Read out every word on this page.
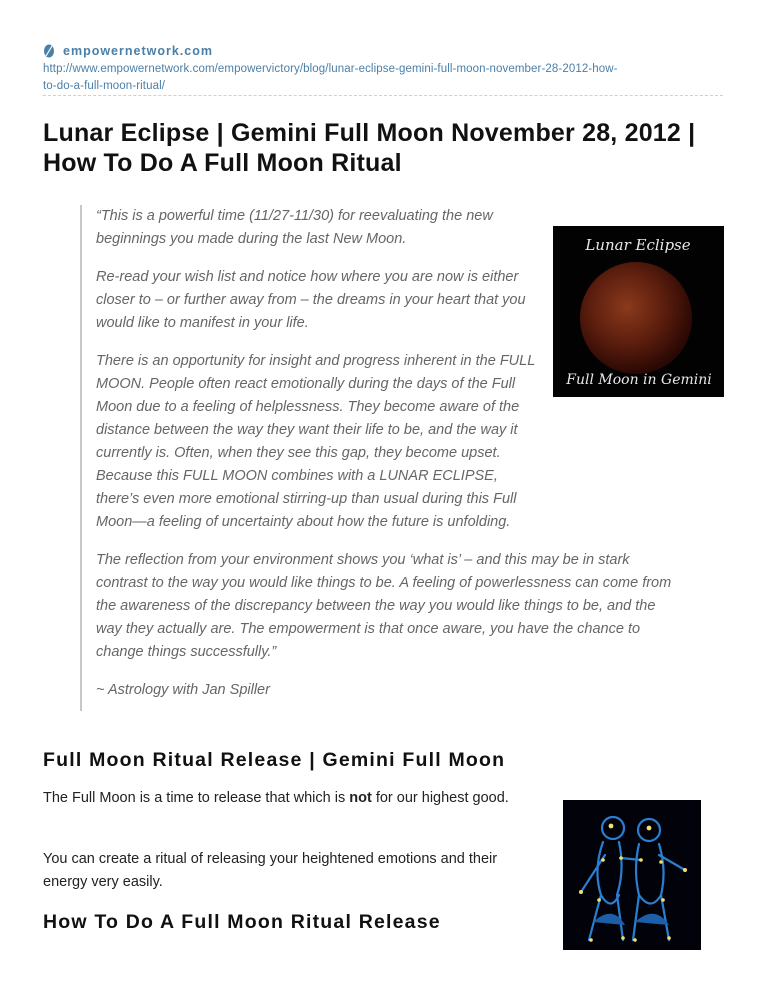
empowernetwork.com
http://www.empowernetwork.com/empowervictory/blog/lunar-eclipse-gemini-full-moon-november-28-2012-how-
to-do-a-full-moon-ritual/
Lunar Eclipse | Gemini Full Moon November 28, 2012 | How To Do A Full Moon Ritual
Lunar Eclipse
Full Moon in Gemini

“This is a powerful time (11/27-11/30) for reevaluating the new beginnings you made during the last New Moon.

Re-read your wish list and notice how where you are now is either closer to – or further away from – the dreams in your heart that you would like to manifest in your life.

There is an opportunity for insight and progress inherent in the FULL MOON. People often react emotionally during the days of the Full Moon due to a feeling of helplessness. They become aware of the distance between the way they want their life to be, and the way it currently is. Often, when they see this gap, they become upset. Because this FULL MOON combines with a LUNAR ECLIPSE, there’s even more emotional stirring-up than usual during this Full Moon—a feeling of uncertainty about how the future is unfolding.

The reflection from your environment shows you ‘what is’ – and this may be in stark contrast to the way you would like things to be. A feeling of powerlessness can come from the awareness of the discrepancy between the way you would like things to be, and the way they actually are. The empowerment is that once aware, you have the chance to change things successfully.”

~ Astrology with Jan Spiller

Full Moon Ritual Release | Gemini Full Moon

The Full Moon is a time to release that which is not for our highest good.

You can create a ritual of releasing your heightened emotions and their energy very easily.

How To Do A Full Moon Ritual Release
